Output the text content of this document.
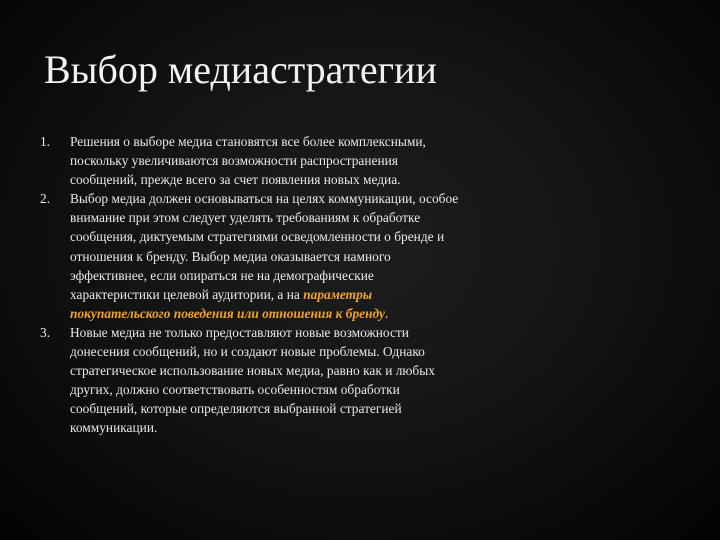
Выбор медиастратегии
1.	Решения о выборе медиа становятся все более комплексными, поскольку увеличиваются возможности распространения сообщений, прежде всего за счет появления новых медиа.
2.	Выбор медиа должен основываться на целях коммуникации, особое внимание при этом следует уделять требованиям к обработке сообщения, диктуемым стратегиями осведомленности о бренде и отношения к бренду. Выбор медиа оказывается намного эффективнее, если опираться не на демографические характеристики целевой аудитории, а на параметры покупательского поведения или отношения к бренду.
3.	Новые медиа не только предоставляют новые возможности донесения сообщений, но и создают новые проблемы. Однако стратегическое использование новых медиа, равно как и любых других, должно соответствовать особенностям обработки сообщений, которые определяются выбранной стратегией коммуникации.
